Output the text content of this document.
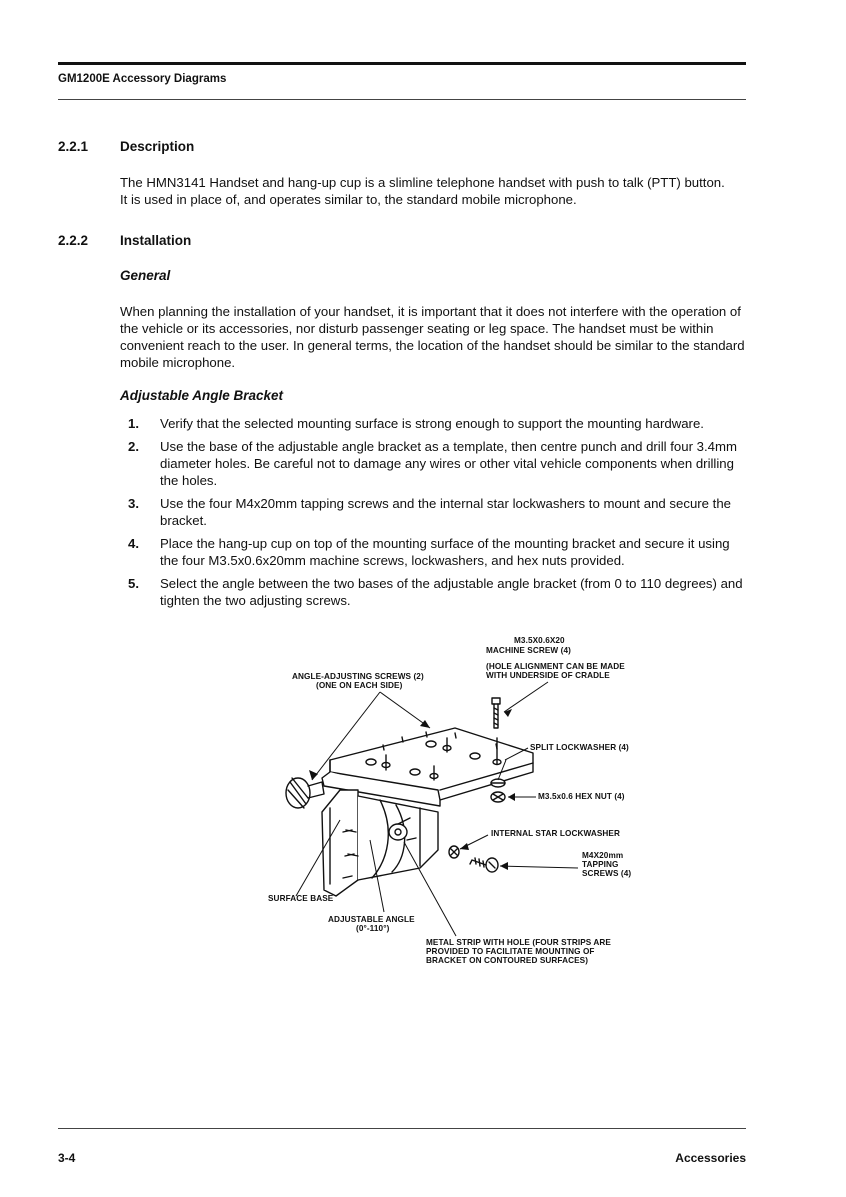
GM1200E Accessory Diagrams
2.2.1 Description
The HMN3141 Handset and hang-up cup is a slimline telephone handset with push to talk (PTT) button. It is used in place of, and operates similar to, the standard mobile microphone.
2.2.2 Installation
General
When planning the installation of your handset, it is important that it does not interfere with the operation of the vehicle or its accessories, nor disturb passenger seating or leg space. The handset must be within convenient reach to the user. In general terms, the location of the handset should be similar to the standard mobile microphone.
Adjustable Angle Bracket
1.	Verify that the selected mounting surface is strong enough to support the mounting hardware.
2.	Use the base of the adjustable angle bracket as a template, then centre punch and drill four 3.4mm diameter holes. Be careful not to damage any wires or other vital vehicle components when drilling the holes.
3.	Use the four M4x20mm tapping screws and the internal star lockwashers to mount and secure the bracket.
4.	Place the hang-up cup on top of the mounting surface of the mounting bracket and secure it using the four M3.5x0.6x20mm machine screws, lockwashers, and hex nuts provided.
5.	Select the angle between the two bases of the adjustable angle bracket (from 0 to 110 degrees) and tighten the two adjusting screws.
M3.5X0.6X20
MACHINE SCREW (4)
(HOLE ALIGNMENT CAN BE MADE
WITH UNDERSIDE OF CRADLE
ANGLE-ADJUSTING SCREWS (2)
(ONE ON EACH SIDE)
SPLIT LOCKWASHER (4)
M3.5x0.6 HEX NUT (4)
INTERNAL STAR LOCKWASHER
M4X20mm
TAPPING
SCREWS (4)
SURFACE BASE
ADJUSTABLE ANGLE
(0°-110°)
METAL STRIP WITH HOLE (FOUR STRIPS ARE
PROVIDED TO FACILITATE MOUNTING OF
BRACKET ON CONTOURED SURFACES)
3-4	Accessories
